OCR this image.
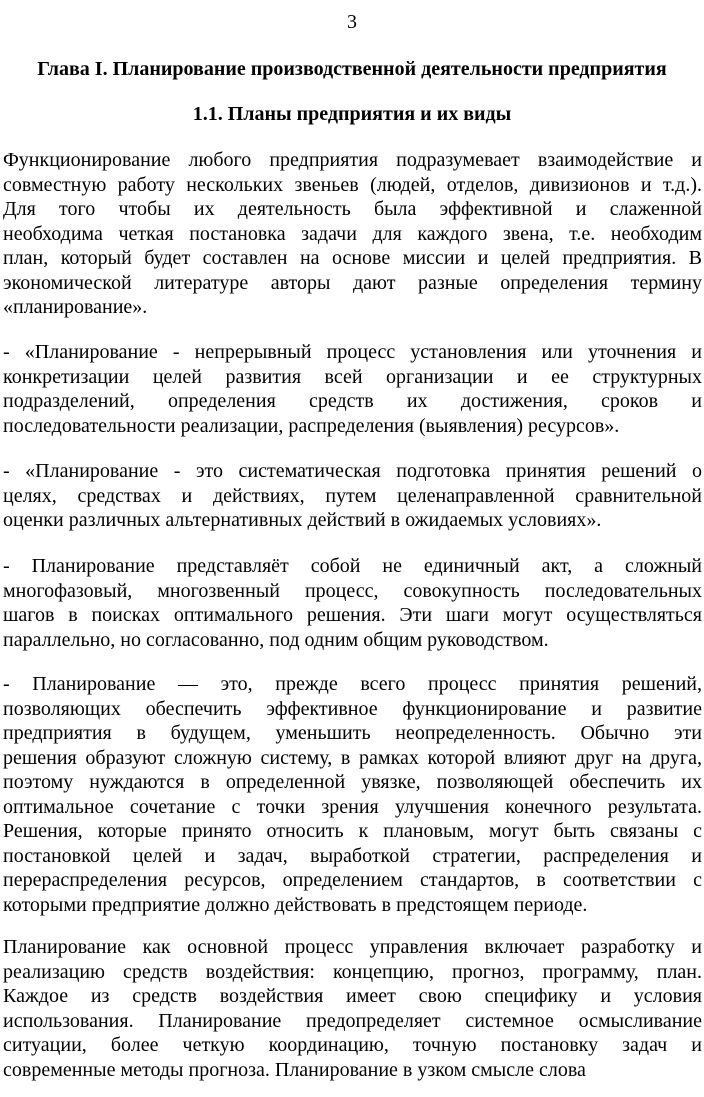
3
Глава I. Планирование производственной деятельности предприятия
1.1. Планы предприятия и их виды
Функционирование любого предприятия подразумевает взаимодействие и
совместную работу нескольких звеньев (людей, отделов, дивизионов и т.д.).
Для того чтобы их деятельность была эффективной и слаженной
необходима четкая постановка задачи для каждого звена, т.е. необходим
план, который будет составлен на основе миссии и целей предприятия. В
экономической литературе авторы дают разные определения термину
«планирование».
- «Планирование - непрерывный процесс установления или уточнения и
конкретизации целей развития всей организации и ее структурных
подразделений, определения средств их достижения, сроков и
последовательности реализации, распределения (выявления) ресурсов».
- «Планирование - это систематическая подготовка принятия решений о
целях, средствах и действиях, путем целенаправленной сравнительной
оценки различных альтернативных действий в ожидаемых условиях».
- Планирование представляёт собой не единичный акт, а сложный
многофазовый, многозвенный процесс, совокупность последовательных
шагов в поисках оптимального решения. Эти шаги могут осуществляться
параллельно, но согласованно, под одним общим руководством.
- Планирование — это, прежде всего процесс принятия решений,
позволяющих обеспечить эффективное функционирование и развитие
предприятия в будущем, уменьшить неопределенность. Обычно эти
решения образуют сложную систему, в рамках которой влияют друг на друга,
поэтому нуждаются в определенной увязке, позволяющей обеспечить их
оптимальное сочетание с точки зрения улучшения конечного результата.
Решения, которые принято относить к плановым, могут быть связаны с
постановкой целей и задач, выработкой стратегии, распределения и
перераспределения ресурсов, определением стандартов, в соответствии с
которыми предприятие должно действовать в предстоящем периоде.
Планирование как основной процесс управления включает разработку и
реализацию средств воздействия: концепцию, прогноз, программу, план.
Каждое из средств воздействия имеет свою специфику и условия
использования. Планирование предопределяет системное осмысливание
ситуации, более четкую координацию, точную постановку задач и
современные методы прогноза. Планирование в узком смысле слова
